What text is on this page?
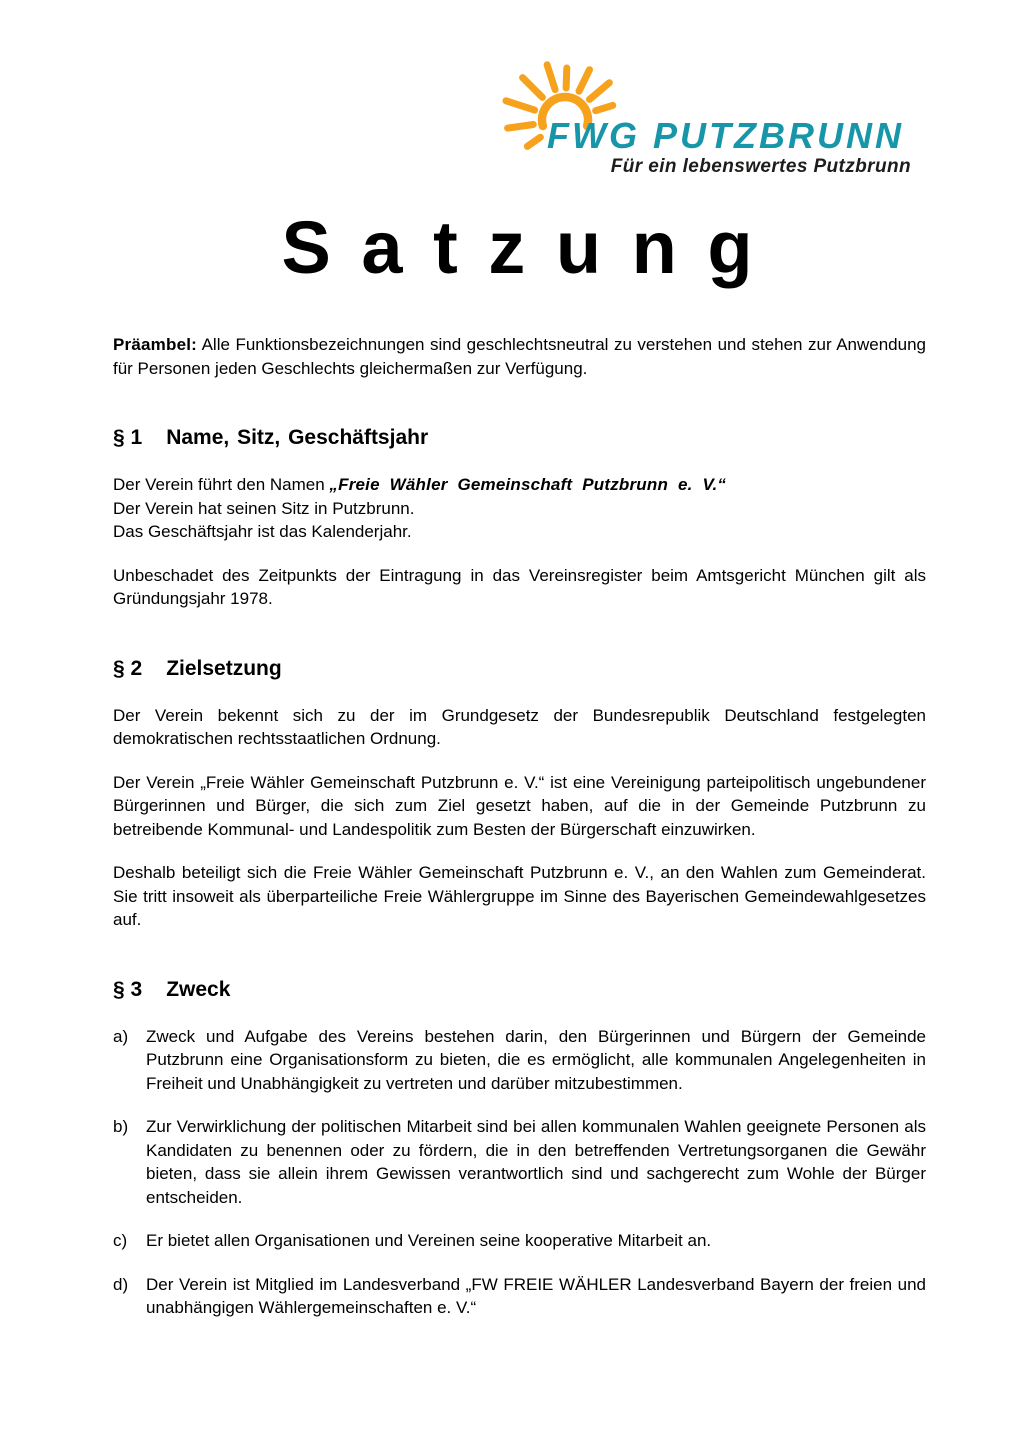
FWG PUTZBRUNN
Für ein lebenswertes Putzbrunn
S a t z u n g

Präambel: Alle Funktionsbezeichnungen sind geschlechtsneutral zu verstehen und stehen zur Anwendung für Personen jeden Geschlechts gleichermaßen zur Verfügung.

§ 1 Name, Sitz, Geschäftsjahr

Der Verein führt den Namen „Freie Wähler Gemeinschaft Putzbrunn e. V.“
Der Verein hat seinen Sitz in Putzbrunn.
Das Geschäftsjahr ist das Kalenderjahr.

Unbeschadet des Zeitpunkts der Eintragung in das Vereinsregister beim Amtsgericht München gilt als Gründungsjahr 1978.

§ 2 Zielsetzung

Der Verein bekennt sich zu der im Grundgesetz der Bundesrepublik Deutschland festgelegten demokratischen rechtsstaatlichen Ordnung.

Der Verein „Freie Wähler Gemeinschaft Putzbrunn e. V.“ ist eine Vereinigung parteipolitisch ungebundener Bürgerinnen und Bürger, die sich zum Ziel gesetzt haben, auf die in der Gemeinde Putzbrunn zu betreibende Kommunal- und Landespolitik zum Besten der Bürgerschaft einzuwirken.

Deshalb beteiligt sich die Freie Wähler Gemeinschaft Putzbrunn e. V., an den Wahlen zum Gemeinderat. Sie tritt insoweit als überparteiliche Freie Wählergruppe im Sinne des Bayerischen Gemeindewahlgesetzes auf.

§ 3 Zweck
a)	Zweck und Aufgabe des Vereins bestehen darin, den Bürgerinnen und Bürgern der Gemeinde Putzbrunn eine Organisationsform zu bieten, die es ermöglicht, alle kommunalen Angelegenheiten in Freiheit und Unabhängigkeit zu vertreten und darüber mitzubestimmen.
b)	Zur Verwirklichung der politischen Mitarbeit sind bei allen kommunalen Wahlen geeignete Personen als Kandidaten zu benennen oder zu fördern, die in den betreffenden Vertretungsorganen die Gewähr bieten, dass sie allein ihrem Gewissen verantwortlich sind und sachgerecht zum Wohle der Bürger entscheiden.
c)	Er bietet allen Organisationen und Vereinen seine kooperative Mitarbeit an.
d)	Der Verein ist Mitglied im Landesverband „FW FREIE WÄHLER Landesverband Bayern der freien und unabhängigen Wählergemeinschaften e. V.“
